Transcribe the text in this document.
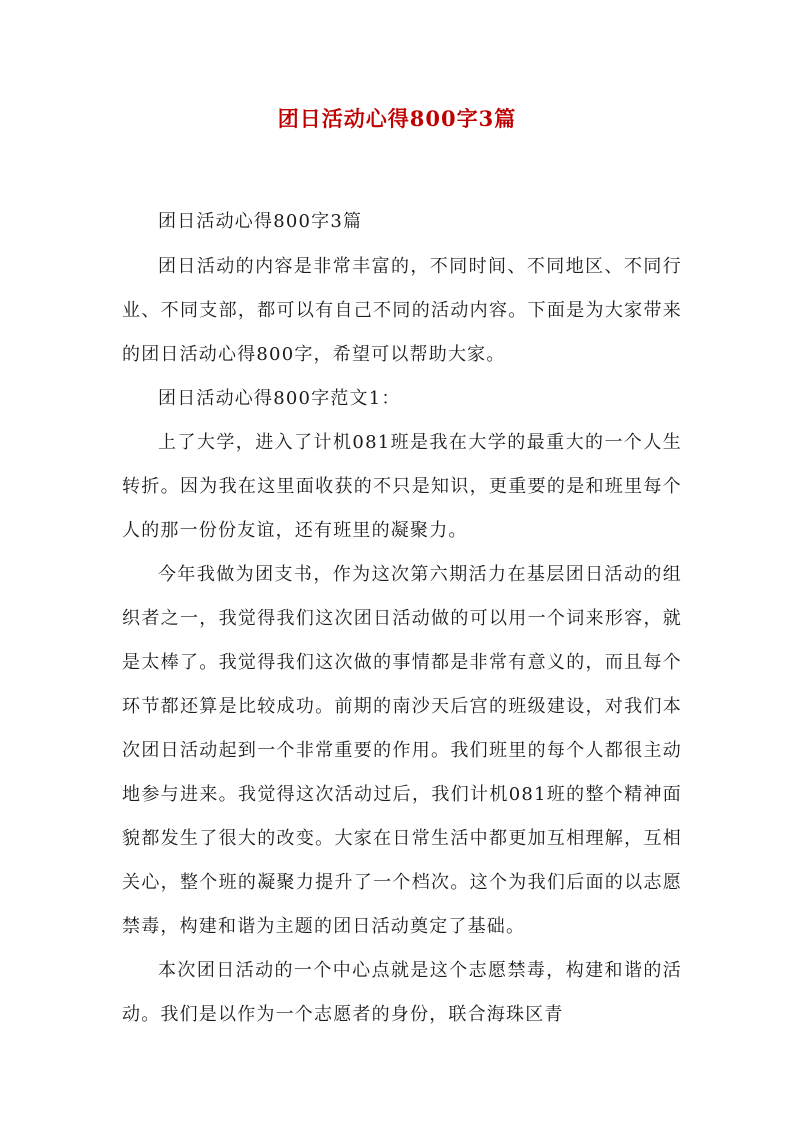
团日活动心得800字3篇

团日活动心得800字3篇

团日活动的内容是非常丰富的，不同时间、不同地区、不同行业、不同支部，都可以有自己不同的活动内容。下面是为大家带来的团日活动心得800字，希望可以帮助大家。

团日活动心得800字范文1：

上了大学，进入了计机081班是我在大学的最重大的一个人生转折。因为我在这里面收获的不只是知识，更重要的是和班里每个人的那一份份友谊，还有班里的凝聚力。

今年我做为团支书，作为这次第六期活力在基层团日活动的组织者之一，我觉得我们这次团日活动做的可以用一个词来形容，就是太棒了。我觉得我们这次做的事情都是非常有意义的，而且每个环节都还算是比较成功。前期的南沙天后宫的班级建设，对我们本次团日活动起到一个非常重要的作用。我们班里的每个人都很主动地参与进来。我觉得这次活动过后，我们计机081班的整个精神面貌都发生了很大的改变。大家在日常生活中都更加互相理解，互相关心，整个班的凝聚力提升了一个档次。这个为我们后面的以志愿禁毒，构建和谐为主题的团日活动奠定了基础。

本次团日活动的一个中心点就是这个志愿禁毒，构建和谐的活动。我们是以作为一个志愿者的身份，联合海珠区青
